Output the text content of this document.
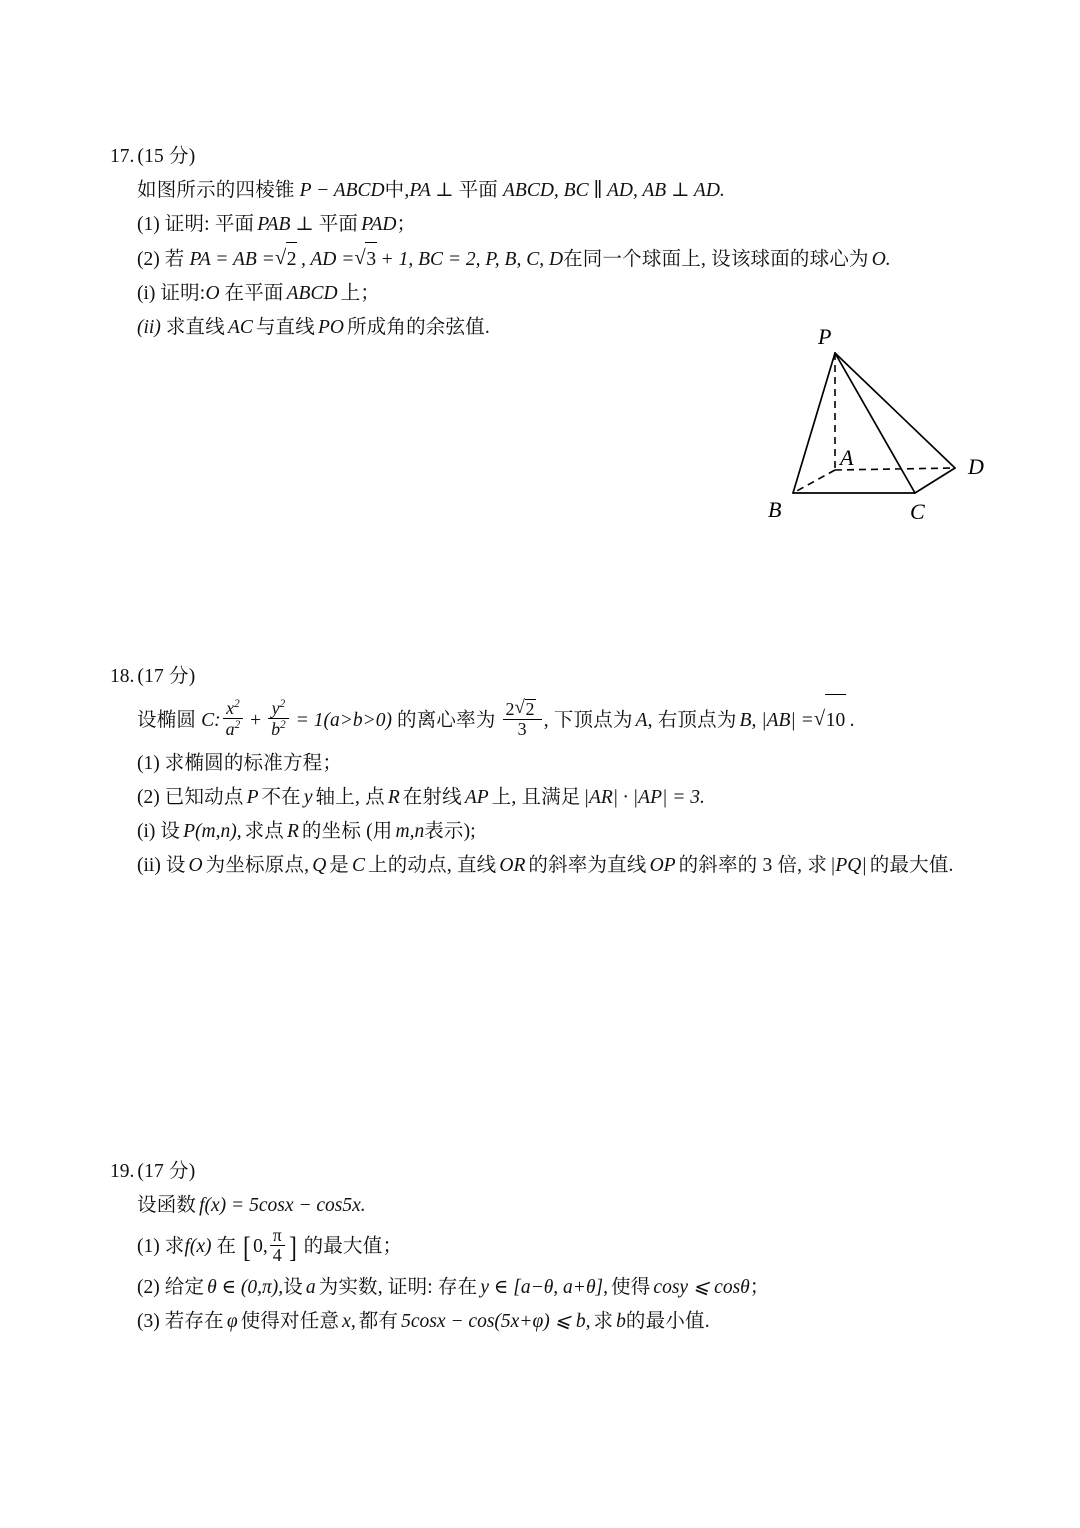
17. (15 分)
如图所示的四棱锥 P − ABCD中,PA ⊥ 平面 ABCD, BC ∥ AD, AB ⊥ AD.
(1) 证明: 平面 PAB ⊥ 平面 PAD；
(2) 若 PA = AB = √ 2 , AD = √ 3 + 1, BC = 2, P, B, C, D在同一个球面上, 设该球面的球心为 O.
(i) 证明:O 在平面 ABCD 上；
(ii) 求直线 AC 与直线 PO 所成角的余弦值.	P
A
B	C
D
18. (17 分)
设椭圆 C: $\frac{x^2}{a^2} + \frac{y^2}{b^2} = 1(a>b>0)$ 的离心率为 $\frac{2 √ 2}{3}$ , 下顶点为 A, 右顶点为 B, |AB| = √ 10 .
(1) 求椭圆的标准方程；
(2) 已知动点 P 不在 y 轴上, 点 R 在射线 AP 上, 且满足 |AR| · |AP| = 3.
(i) 设 P(m,n), 求点 R 的坐标 (用 m,n表示);
(ii) 设 O 为坐标原点, Q 是 C 上的动点, 直线 OR 的斜率为直线 OP 的斜率的 3 倍, 求 |PQ| 的最大值.
19. (17 分)
设函数 f(x) = 5cosx − cos5x.
(1) 求f(x) 在 [ 0, $\frac{\pi}{4}$ ] 的最大值；
(2) 给定 θ ∈ (0,π),设 a 为实数, 证明: 存在 y ∈ [a−θ, a+θ], 使得 cosy ⩽ cosθ；
(3) 若存在 φ 使得对任意 x, 都有 5cosx − cos(5x+φ) ⩽ b, 求 b的最小值.
